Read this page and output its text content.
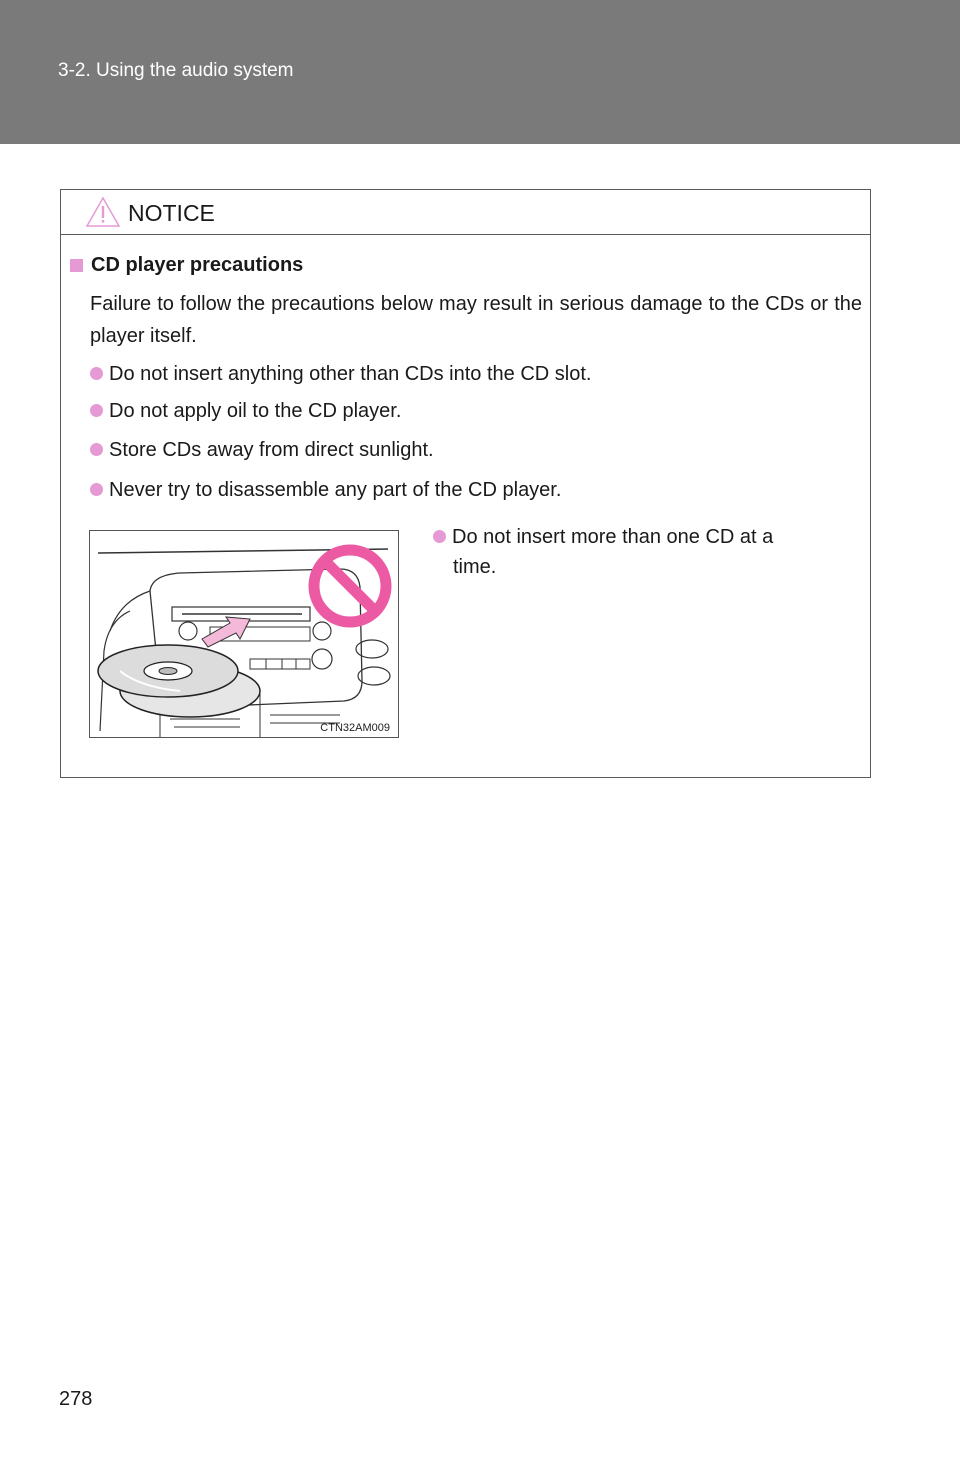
3-2. Using the audio system
NOTICE
CD player precautions
Failure to follow the precautions below may result in serious damage to the CDs or the player itself.
Do not insert anything other than CDs into the CD slot.
Do not apply oil to the CD player.
Store CDs away from direct sunlight.
Never try to disassemble any part of the CD player.
CTN32AM009
Do not insert more than one CD at a
time.
278
